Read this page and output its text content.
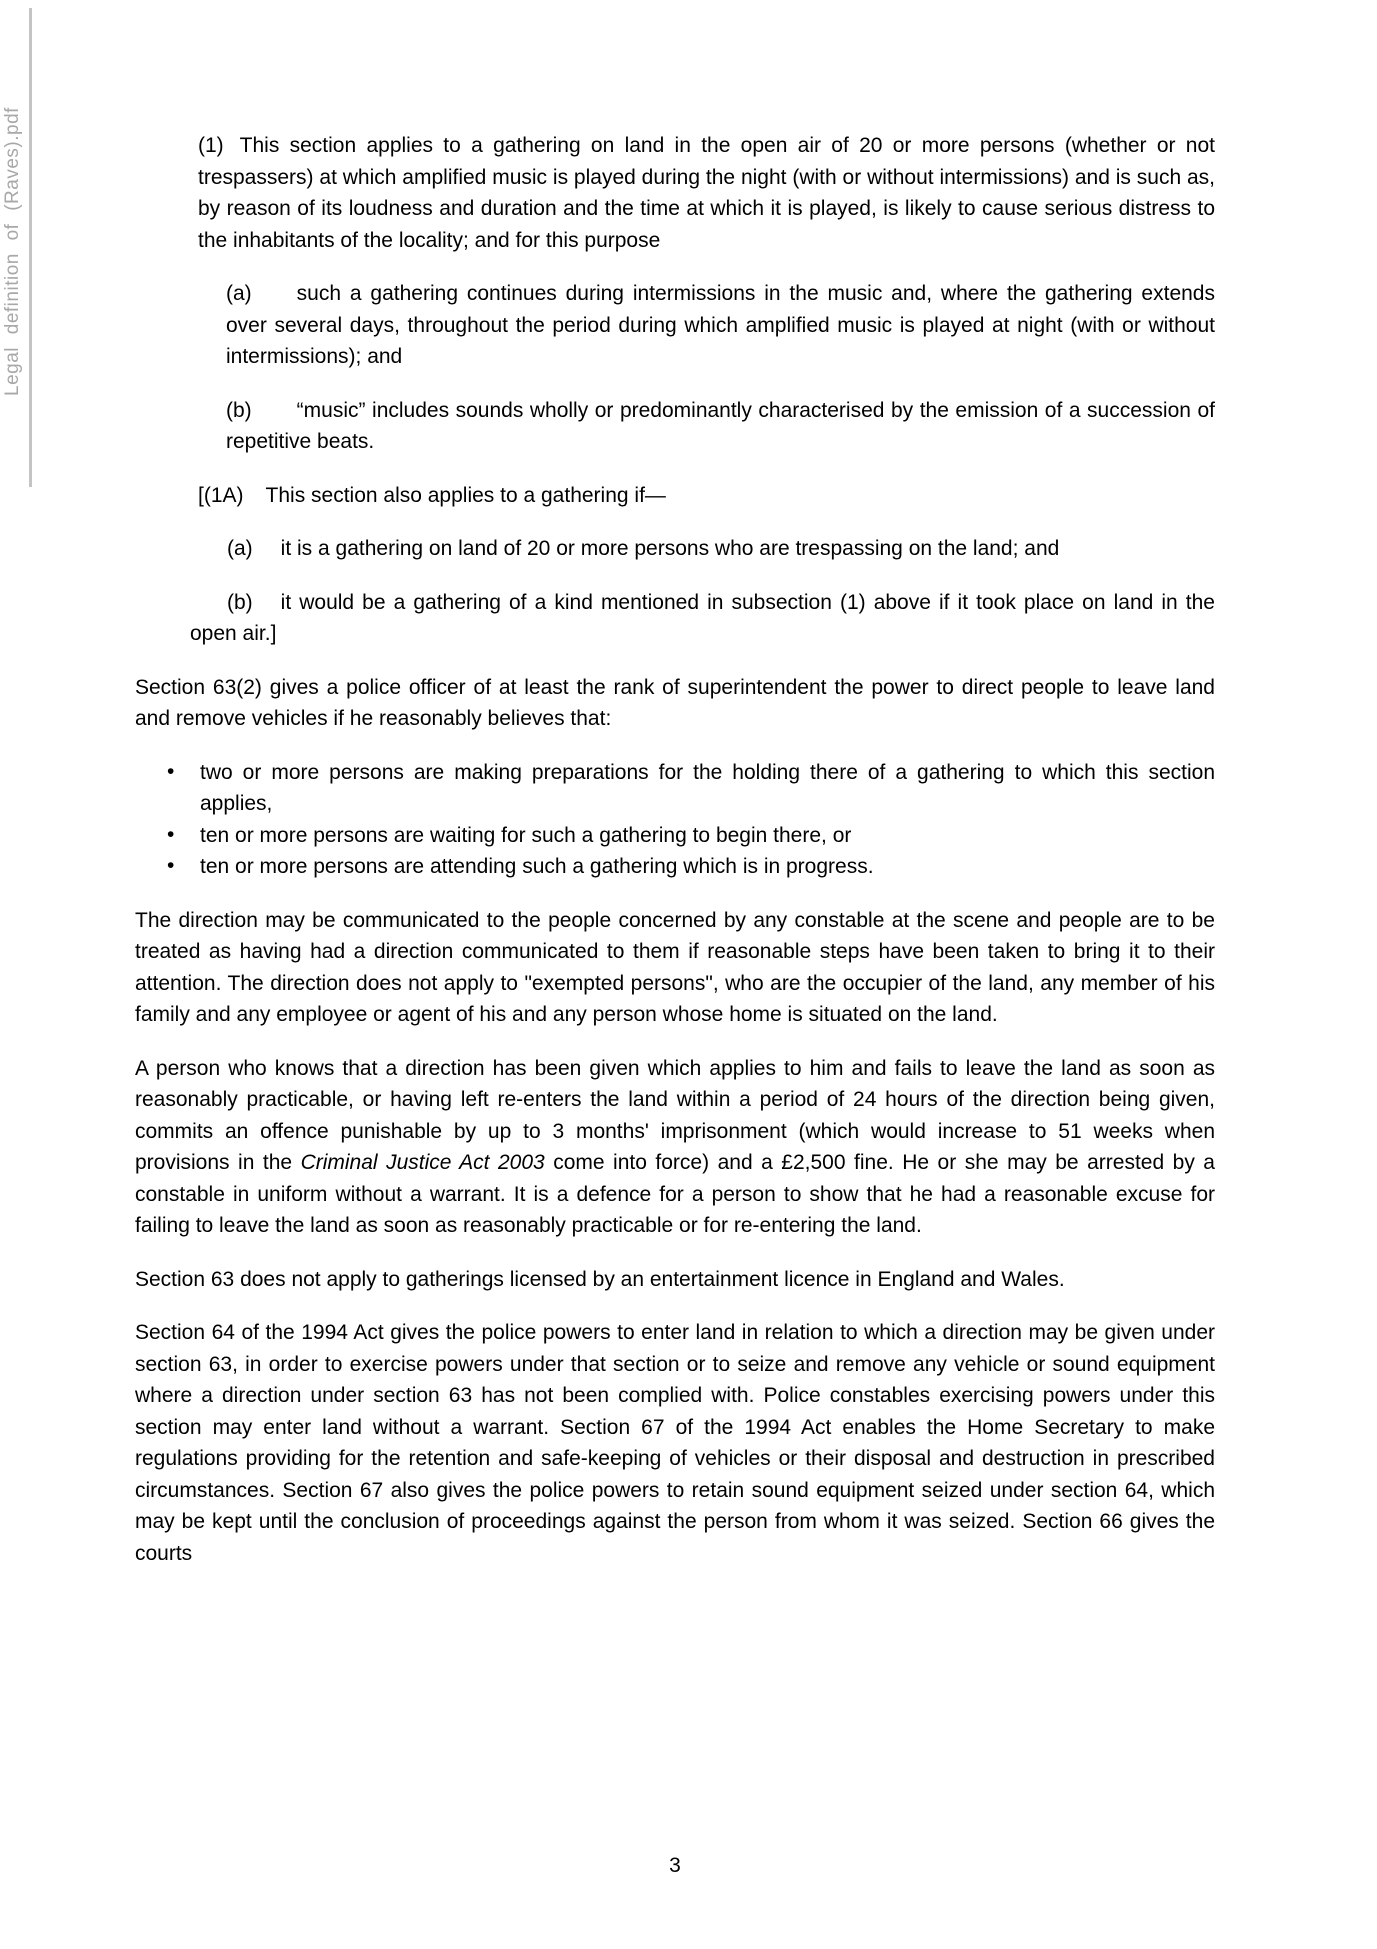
Legal definition of (Raves).pdf	(1) This section applies to a gathering on land in the open air of 20 or more persons (whether or not trespassers) at which amplified music is played during the night (with or without intermissions) and is such as, by reason of its loudness and duration and the time at which it is played, is likely to cause serious distress to the inhabitants of the locality; and for this purpose

(a) such a gathering continues during intermissions in the music and, where the gathering extends over several days, throughout the period during which amplified music is played at night (with or without intermissions); and

(b) “music” includes sounds wholly or predominantly characterised by the emission of a succession of repetitive beats.

[(1A) This section also applies to a gathering if—

(a) it is a gathering on land of 20 or more persons who are trespassing on the land; and

(b) it would be a gathering of a kind mentioned in subsection (1) above if it took place on land in the open air.]

Section 63(2) gives a police officer of at least the rank of superintendent the power to direct people to leave land and remove vehicles if he reasonably believes that:

• two or more persons are making preparations for the holding there of a gathering to which this section applies,
• ten or more persons are waiting for such a gathering to begin there, or
• ten or more persons are attending such a gathering which is in progress.

The direction may be communicated to the people concerned by any constable at the scene and people are to be treated as having had a direction communicated to them if reasonable steps have been taken to bring it to their attention. The direction does not apply to "exempted persons", who are the occupier of the land, any member of his family and any employee or agent of his and any person whose home is situated on the land.

A person who knows that a direction has been given which applies to him and fails to leave the land as soon as reasonably practicable, or having left re-enters the land within a period of 24 hours of the direction being given, commits an offence punishable by up to 3 months' imprisonment (which would increase to 51 weeks when provisions in the Criminal Justice Act 2003 come into force) and a £2,500 fine. He or she may be arrested by a constable in uniform without a warrant. It is a defence for a person to show that he had a reasonable excuse for failing to leave the land as soon as reasonably practicable or for re-entering the land.

Section 63 does not apply to gatherings licensed by an entertainment licence in England and Wales.

Section 64 of the 1994 Act gives the police powers to enter land in relation to which a direction may be given under section 63, in order to exercise powers under that section or to seize and remove any vehicle or sound equipment where a direction under section 63 has not been complied with. Police constables exercising powers under this section may enter land without a warrant. Section 67 of the 1994 Act enables the Home Secretary to make regulations providing for the retention and safe-keeping of vehicles or their disposal and destruction in prescribed circumstances. Section 67 also gives the police powers to retain sound equipment seized under section 64, which may be kept until the conclusion of proceedings against the person from whom it was seized. Section 66 gives the courts

3
